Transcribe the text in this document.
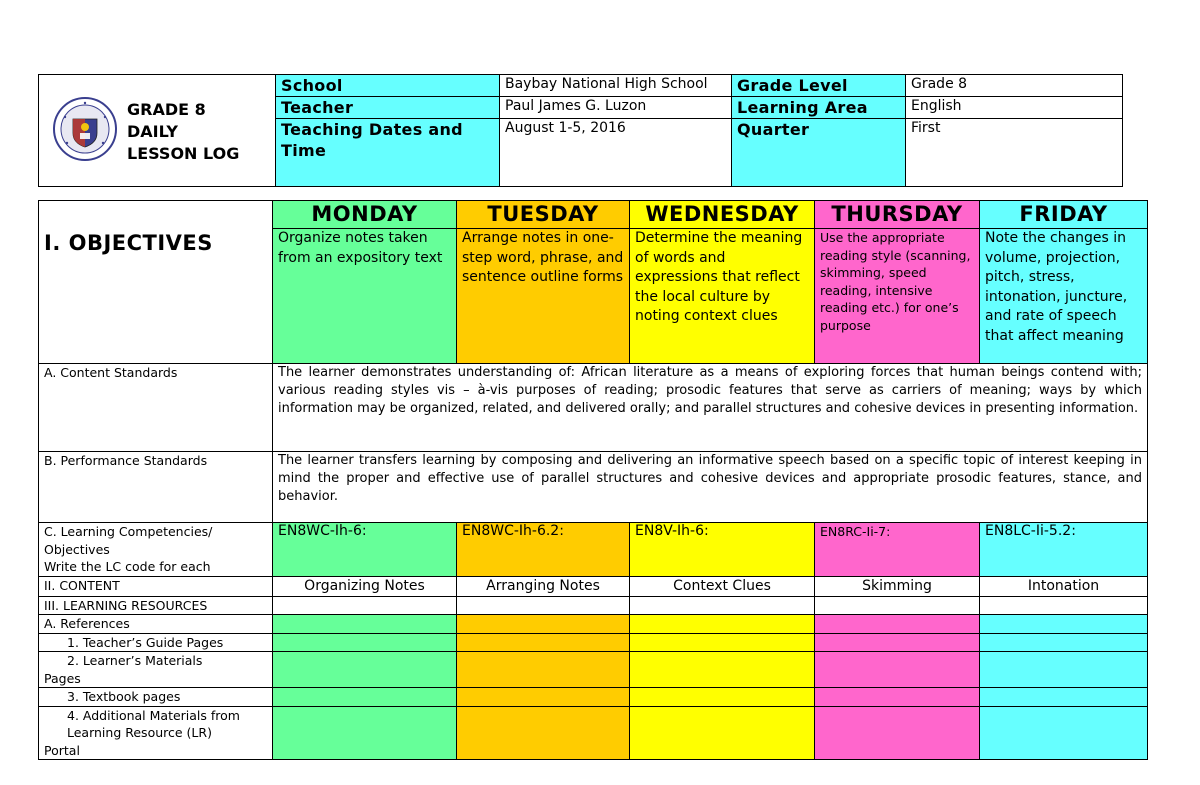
GRADE 8
DAILY
LESSON LOG	School	Baybay National High School	Grade Level	Grade 8
	Teacher	Paul James G. Luzon	Learning Area	English
	Teaching Dates and Time	August 1-5, 2016	Quarter	First
I. OBJECTIVES	MONDAY	TUESDAY	WEDNESDAY	THURSDAY	FRIDAY
	Organize notes taken from an expository text	Arrange notes in one-step word, phrase, and sentence outline forms	Determine the meaning of words and expressions that reflect the local culture by noting context clues	Use the appropriate reading style (scanning, skimming, speed reading, intensive reading etc.) for one’s purpose	Note the changes in volume, projection, pitch, stress, intonation, juncture, and rate of speech that affect meaning
A. Content Standards	The learner demonstrates understanding of: African literature as a means of exploring forces that human beings contend with; various reading styles vis – à-vis purposes of reading; prosodic features that serve as carriers of meaning; ways by which information may be organized, related, and delivered orally; and parallel structures and cohesive devices in presenting information.				
B. Performance Standards	The learner transfers learning by composing and delivering an informative speech based on a specific topic of interest keeping in mind the proper and effective use of parallel structures and cohesive devices and appropriate prosodic features, stance, and behavior.				

C. Learning Competencies/
Objectives
Write the LC code for each	EN8WC-Ih-6:	EN8WC-Ih-6.2:	EN8V-Ih-6:	EN8RC-Ii-7:	EN8LC-Ii-5.2:
II. CONTENT	Organizing Notes	Arranging Notes	Context Clues	Skimming	Intonation
III. LEARNING RESOURCES					
A. References					
1. Teacher’s Guide Pages					

2. Learner’s Materials
Pages					

3. Textbook pages					

4. Additional Materials from
Learning Resource (LR)
Portal					
